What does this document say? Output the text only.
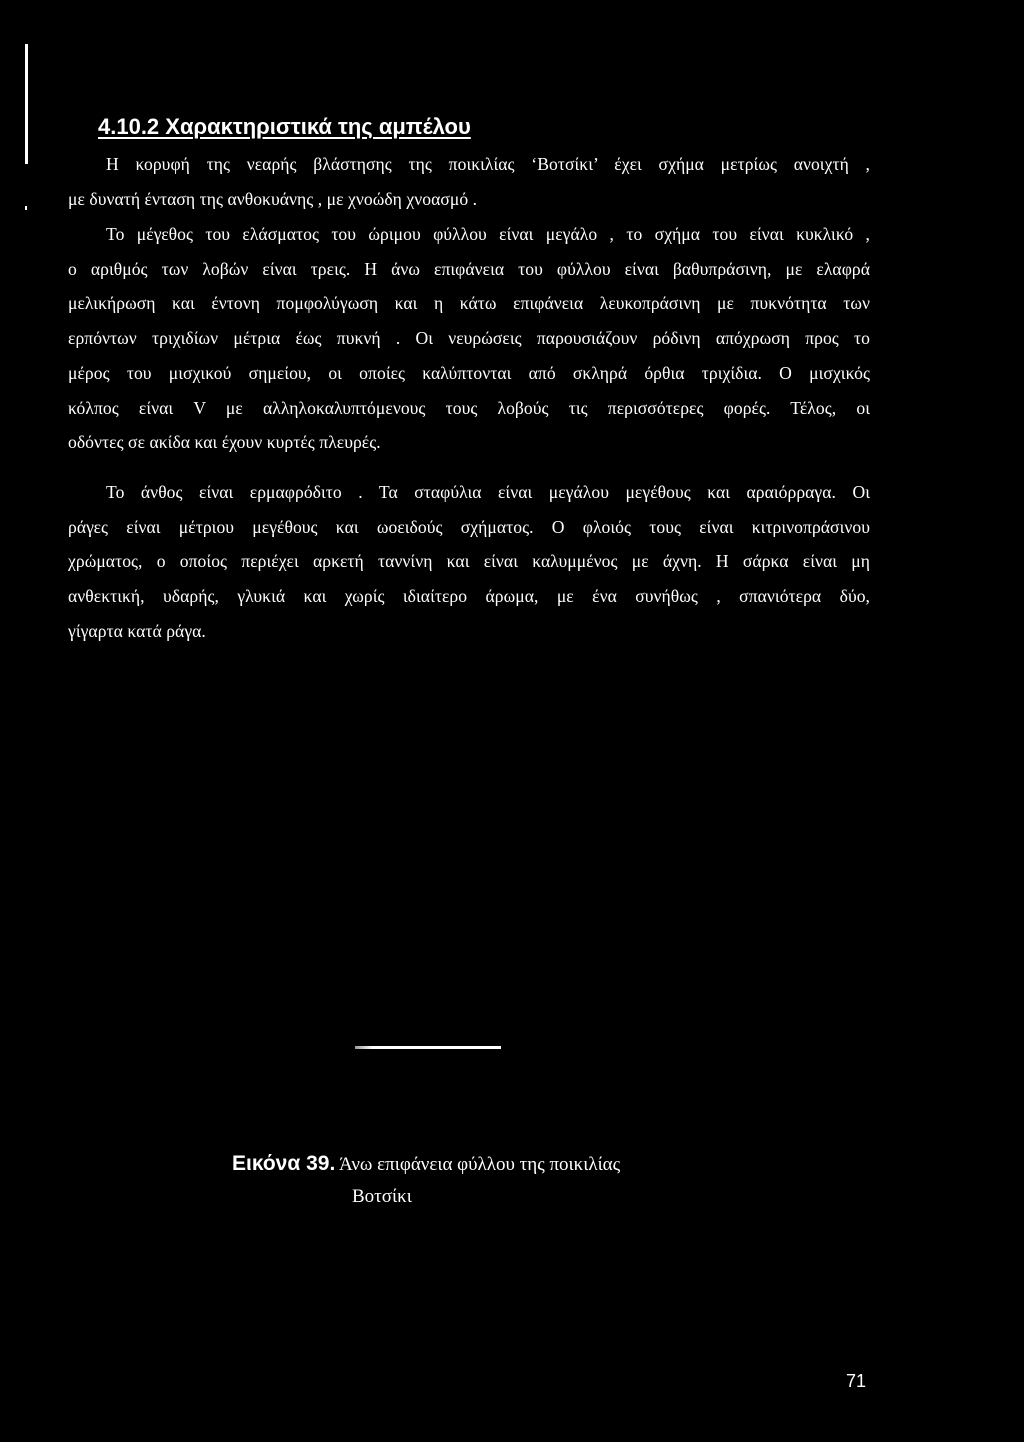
4.10.2 Χαρακτηριστικά της αμπέλου
Η κορυφή της νεαρής βλάστησης της ποικιλίας ‘Βοτσίκι’ έχει σχήμα μετρίως ανοιχτή ,
με δυνατή ένταση της ανθοκυάνης , με χνοώδη χνοασμό .
Το μέγεθος του ελάσματος του ώριμου φύλλου είναι μεγάλο , το σχήμα του είναι κυκλικό ,
ο αριθμός των λοβών είναι τρεις. Η άνω επιφάνεια του φύλλου είναι βαθυπράσινη, με ελαφρά
μελικήρωση και έντονη πομφολύγωση και η κάτω επιφάνεια λευκοπράσινη με πυκνότητα των
ερπόντων τριχιδίων μέτρια έως πυκνή . Οι νευρώσεις παρουσιάζουν ρόδινη απόχρωση προς το
μέρος του μισχικού σημείου, οι οποίες καλύπτονται από σκληρά όρθια τριχίδια. Ο μισχικός
κόλπος είναι V με αλληλοκαλυπτόμενους τους λοβούς τις περισσότερες φορές. Τέλος, οι
οδόντες σε ακίδα και έχουν κυρτές πλευρές.
Το άνθος είναι ερμαφρόδιτο . Τα σταφύλια είναι μεγάλου μεγέθους και αραιόρραγα. Οι
ράγες είναι μέτριου μεγέθους και ωοειδούς σχήματος. Ο φλοιός τους είναι κιτρινοπράσινου
χρώματος, ο οποίος περιέχει αρκετή ταννίνη και είναι καλυμμένος με άχνη. Η σάρκα είναι μη
ανθεκτική, υδαρής, γλυκιά και χωρίς ιδιαίτερο άρωμα, με ένα συνήθως , σπανιότερα δύο,
γίγαρτα κατά ράγα.
Εικόνα 39. Άνω επιφάνεια φύλλου της ποικιλίας
Βοτσίκι
71
